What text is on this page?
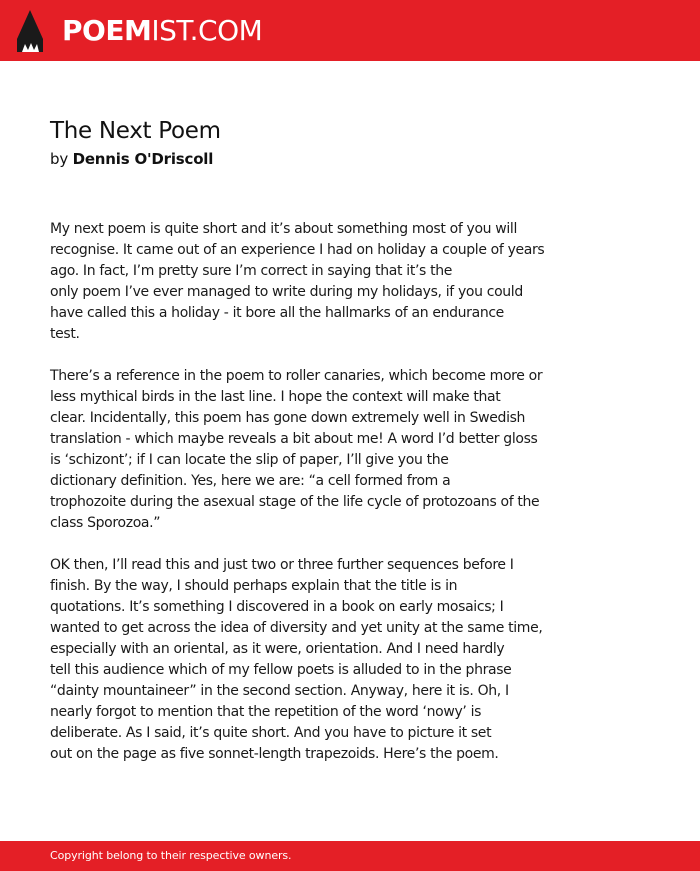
POEMIST.COM
The Next Poem
by Dennis O'Driscoll
My next poem is quite short and it’s about something most of you will
recognise. It came out of an experience I had on holiday a couple of years
ago. In fact, I’m pretty sure I’m correct in saying that it’s the
only poem I’ve ever managed to write during my holidays, if you could
have called this a holiday - it bore all the hallmarks of an endurance
test.
There’s a reference in the poem to roller canaries, which become more or
less mythical birds in the last line. I hope the context will make that
clear. Incidentally, this poem has gone down extremely well in Swedish
translation - which maybe reveals a bit about me! A word I’d better gloss
is ‘schizont’; if I can locate the slip of paper, I’ll give you the
dictionary definition. Yes, here we are: “a cell formed from a
trophozoite during the asexual stage of the life cycle of protozoans of the
class Sporozoa.”
OK then, I’ll read this and just two or three further sequences before I
finish. By the way, I should perhaps explain that the title is in
quotations. It’s something I discovered in a book on early mosaics; I
wanted to get across the idea of diversity and yet unity at the same time,
especially with an oriental, as it were, orientation. And I need hardly
tell this audience which of my fellow poets is alluded to in the phrase
“dainty mountaineer” in the second section. Anyway, here it is. Oh, I
nearly forgot to mention that the repetition of the word ‘nowy’ is
deliberate. As I said, it’s quite short. And you have to picture it set
out on the page as five sonnet-length trapezoids. Here’s the poem.
Copyright belong to their respective owners.
